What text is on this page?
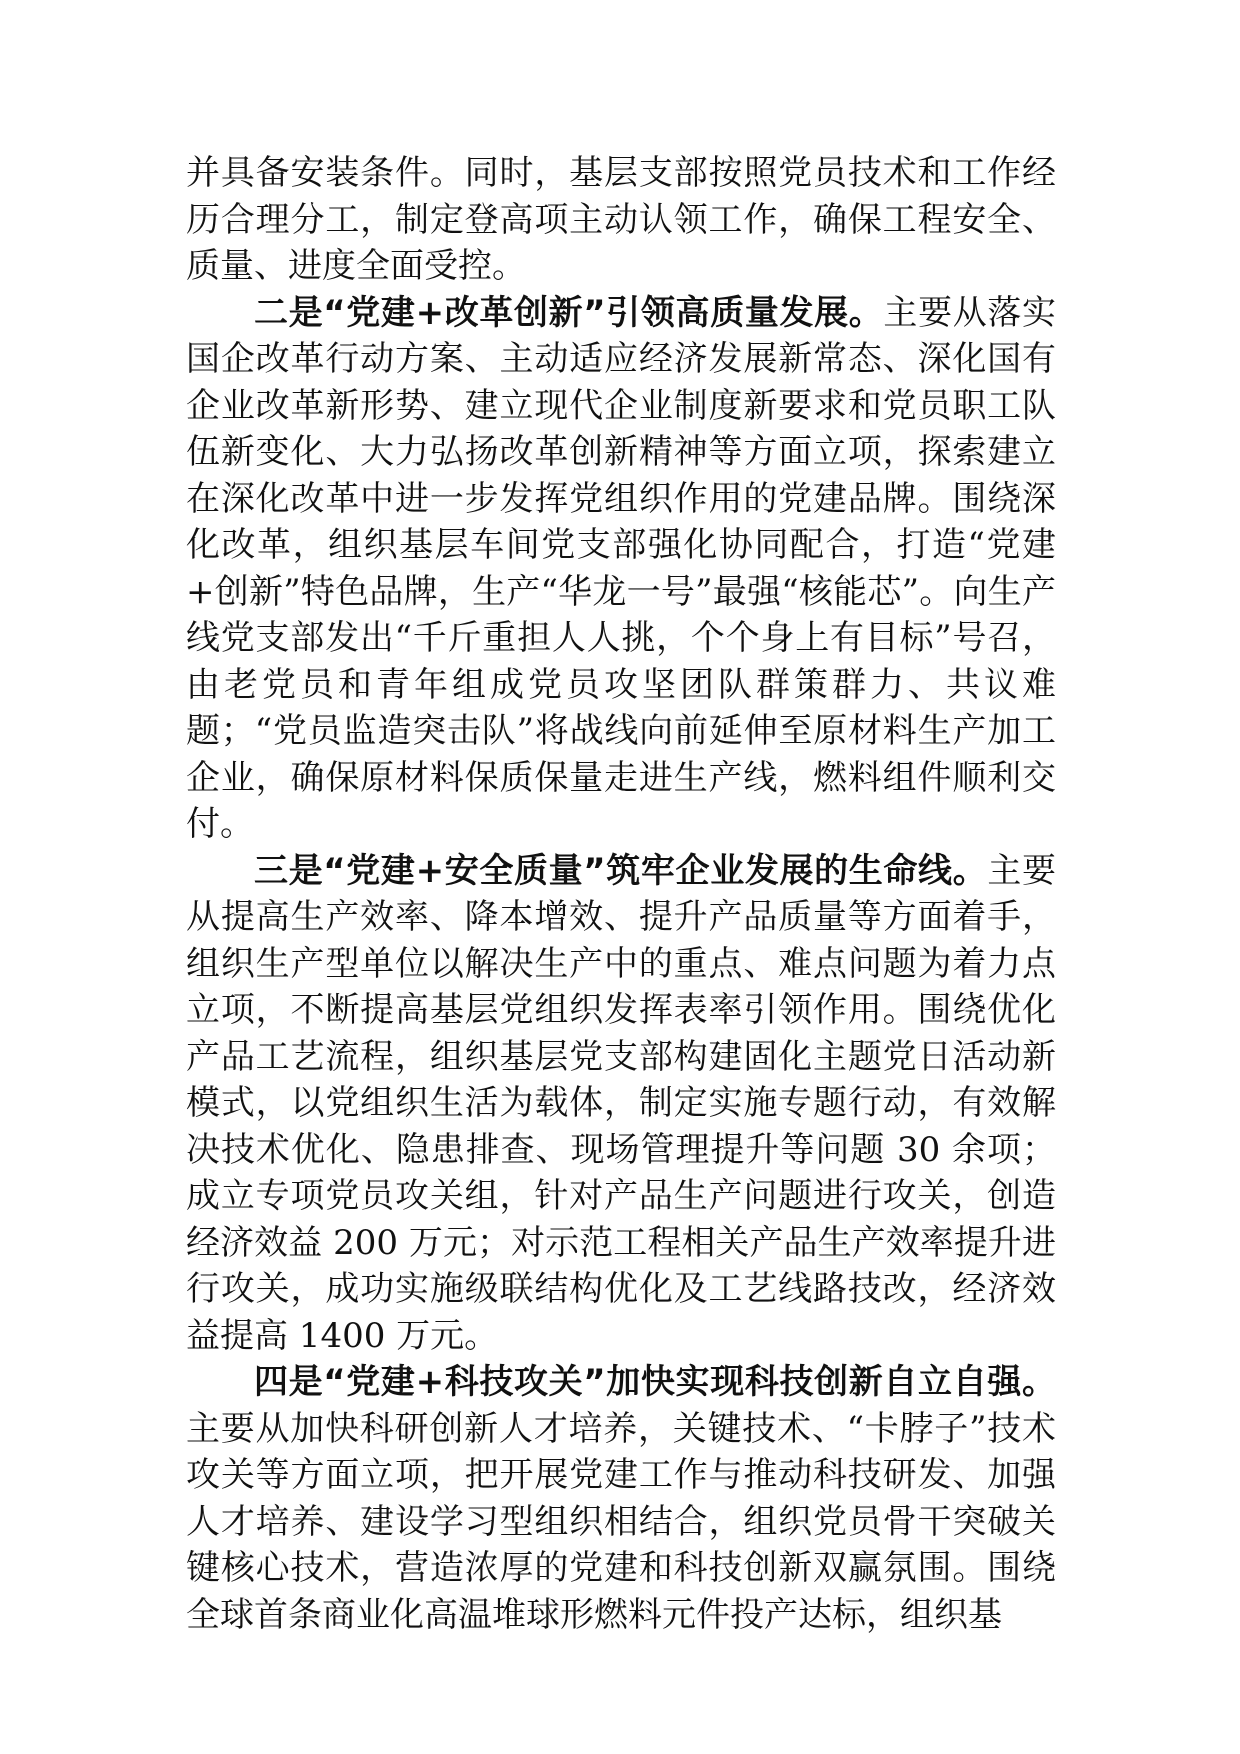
并具备安装条件。同时，基层支部按照党员技术和工作经历合理分工，制定登高项主动认领工作，确保工程安全、质量、进度全面受控。

二是“党建+改革创新”引领高质量发展。主要从落实国企改革行动方案、主动适应经济发展新常态、深化国有企业改革新形势、建立现代企业制度新要求和党员职工队伍新变化、大力弘扬改革创新精神等方面立项，探索建立在深化改革中进一步发挥党组织作用的党建品牌。围绕深化改革，组织基层车间党支部强化协同配合，打造“党建+创新”特色品牌，生产“华龙一号”最强“核能芯”。向生产线党支部发出“千斤重担人人挑，个个身上有目标”号召，由老党员和青年组成党员攻坚团队群策群力、共议难题；“党员监造突击队”将战线向前延伸至原材料生产加工企业，确保原材料保质保量走进生产线，燃料组件顺利交付。

三是“党建+安全质量”筑牢企业发展的生命线。主要从提高生产效率、降本增效、提升产品质量等方面着手，组织生产型单位以解决生产中的重点、难点问题为着力点立项，不断提高基层党组织发挥表率引领作用。围绕优化产品工艺流程，组织基层党支部构建固化主题党日活动新模式，以党组织生活为载体，制定实施专题行动，有效解决技术优化、隐患排查、现场管理提升等问题 30 余项；成立专项党员攻关组，针对产品生产问题进行攻关，创造经济效益 200 万元；对示范工程相关产品生产效率提升进行攻关，成功实施级联结构优化及工艺线路技改，经济效益提高 1400 万元。

四是“党建+科技攻关”加快实现科技创新自立自强。主要从加快科研创新人才培养，关键技术、“卡脖子”技术攻关等方面立项，把开展党建工作与推动科技研发、加强人才培养、建设学习型组织相结合，组织党员骨干突破关键核心技术，营造浓厚的党建和科技创新双赢氛围。围绕全球首条商业化高温堆球形燃料元件投产达标，组织基
